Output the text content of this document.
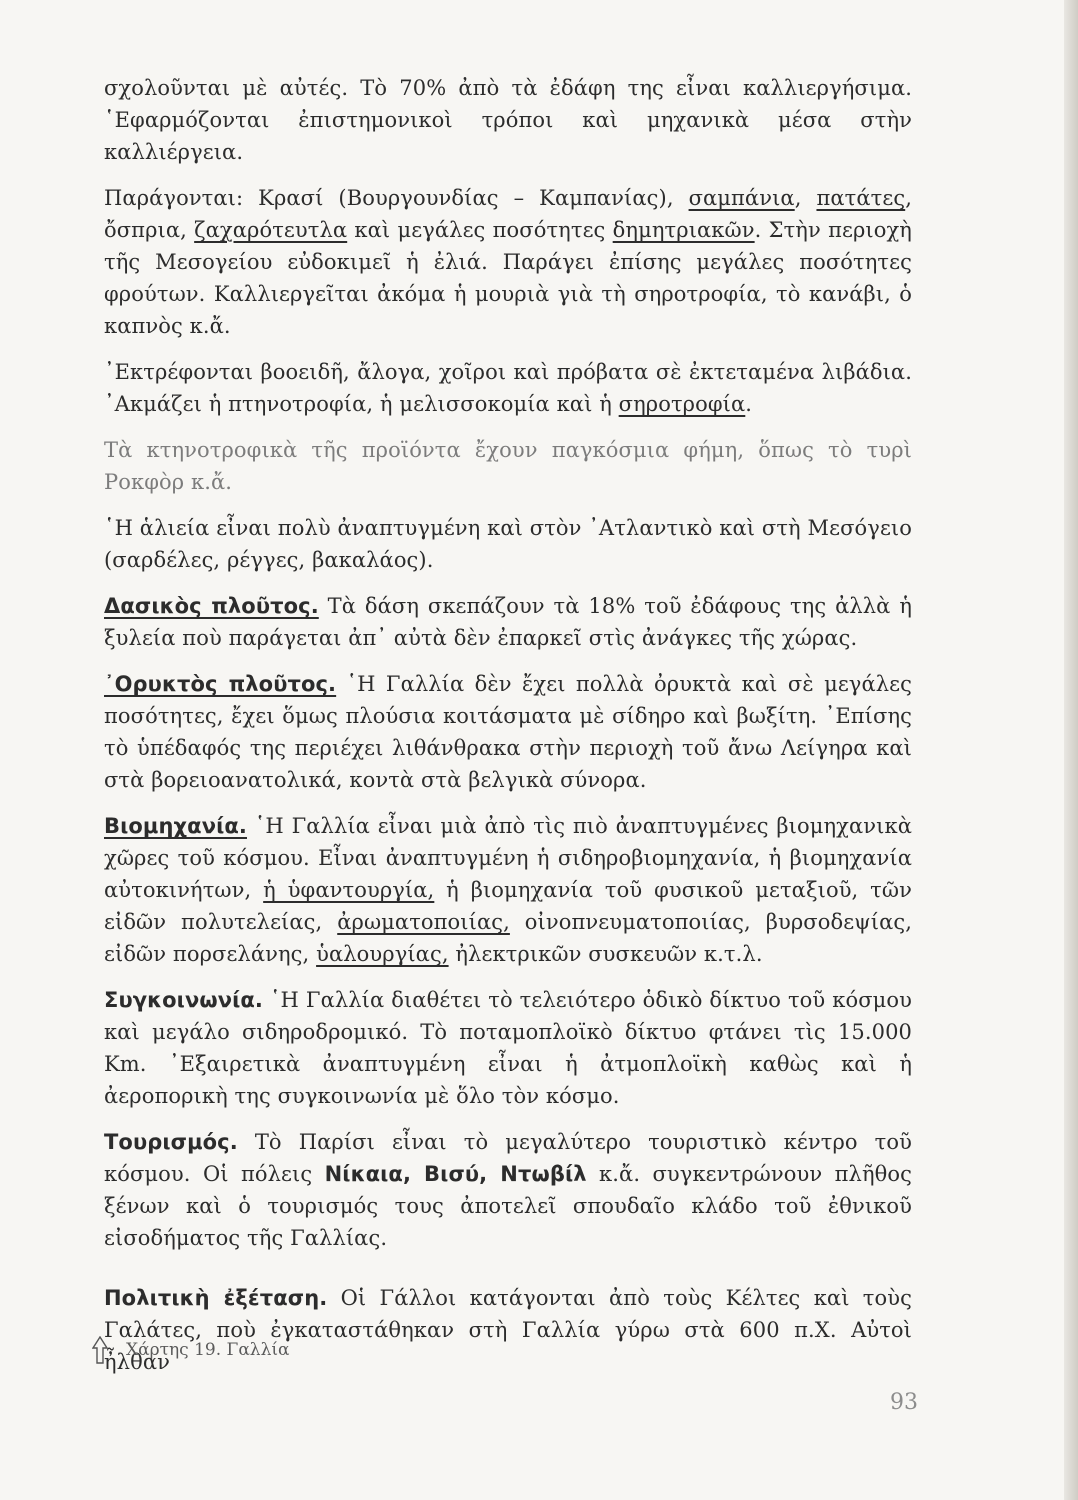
σχολοῦνται μὲ αὐτές. Τὸ 70% ἀπὸ τὰ ἐδάφη της εἶναι καλλιεργήσιμα. ῾Εφαρμόζονται ἐπιστημονικοὶ τρόποι καὶ μηχανικὰ μέσα στὴν καλλιέργεια.

Παράγονται: Κρασί (Βουργουνδίας – Καμπανίας), σαμπάνια, πατάτες, ὄσπρια, ζαχαρότευτλα καὶ μεγάλες ποσότητες δημητριακῶν. Στὴν περιοχὴ τῆς Μεσογείου εὐδοκιμεῖ ἡ ἐλιά. Παράγει ἐπίσης μεγάλες ποσότητες φρούτων. Καλλιεργεῖται ἀκόμα ἡ μουριὰ γιὰ τὴ σηροτροφία, τὸ κανάβι, ὁ καπνὸς κ.ἄ.

᾿Εκτρέφονται βοοειδῆ, ἄλογα, χοῖροι καὶ πρόβατα σὲ ἐκτεταμένα λιβάδια. ᾿Ακμάζει ἡ πτηνοτροφία, ἡ μελισσοκομία καὶ ἡ σηροτροφία.

Τὰ κτηνοτροφικὰ τῆς προϊόντα ἔχουν παγκόσμια φήμη, ὅπως τὸ τυρὶ Ροκφὸρ κ.ἄ.

῾Η ἁλιεία εἶναι πολὺ ἀναπτυγμένη καὶ στὸν ᾿Ατλαντικὸ καὶ στὴ Μεσόγειο (σαρδέλες, ρέγγες, βακαλάος).

Δασικὸς πλοῦτος. Τὰ δάση σκεπάζουν τὰ 18% τοῦ ἐδάφους της ἀλλὰ ἡ ξυλεία ποὺ παράγεται ἀπ᾿ αὐτὰ δὲν ἐπαρκεῖ στὶς ἀνάγκες τῆς χώρας.

᾿Ορυκτὸς πλοῦτος. ῾Η Γαλλία δὲν ἔχει πολλὰ ὀρυκτὰ καὶ σὲ μεγάλες ποσότητες, ἔχει ὅμως πλούσια κοιτάσματα μὲ σίδηρο καὶ βωξίτη. ᾿Επίσης τὸ ὑπέδαφός της περιέχει λιθάνθρακα στὴν περιοχὴ τοῦ ἄνω Λείγηρα καὶ στὰ βορειοανατολικά, κοντὰ στὰ βελγικὰ σύνορα.

Βιομηχανία. ῾Η Γαλλία εἶναι μιὰ ἀπὸ τὶς πιὸ ἀναπτυγμένες βιομηχανικὰ χῶρες τοῦ κόσμου. Εἶναι ἀναπτυγμένη ἡ σιδηροβιομηχανία, ἡ βιομηχανία αὐτοκινήτων, ἡ ὑφαντουργία, ἡ βιομηχανία τοῦ φυσικοῦ μεταξιοῦ, τῶν εἰδῶν πολυτελείας, ἀρωματοποιίας, οἰνοπνευματοποιίας, βυρσοδεψίας, εἰδῶν πορσελάνης, ὑαλουργίας, ἠλεκτρικῶν συσκευῶν κ.τ.λ.

Συγκοινωνία. ῾Η Γαλλία διαθέτει τὸ τελειότερο ὁδικὸ δίκτυο τοῦ κόσμου καὶ μεγάλο σιδηροδρομικό. Τὸ ποταμοπλοϊκὸ δίκτυο φτάνει τὶς 15.000 Km. ᾿Εξαιρετικὰ ἀναπτυγμένη εἶναι ἡ ἀτμοπλοϊκὴ καθὼς καὶ ἡ ἀεροπορικὴ της συγκοινωνία μὲ ὅλο τὸν κόσμο.

Τουρισμός. Τὸ Παρίσι εἶναι τὸ μεγαλύτερο τουριστικὸ κέντρο τοῦ κόσμου. Οἱ πόλεις Νίκαια, Βισύ, Ντωβίλ κ.ἄ. συγκεντρώνουν πλῆθος ξένων καὶ ὁ τουρισμός τους ἀποτελεῖ σπουδαῖο κλάδο τοῦ ἐθνικοῦ εἰσοδήματος τῆς Γαλλίας.

Πολιτικὴ ἐξέταση. Οἱ Γάλλοι κατάγονται ἀπὸ τοὺς Κέλτες καὶ τοὺς Γαλάτες, ποὺ ἐγκαταστάθηκαν στὴ Γαλλία γύρω στὰ 600 π.Χ. Αὐτοὶ ἦλθαν

Χάρτης 19. Γαλλία
93
